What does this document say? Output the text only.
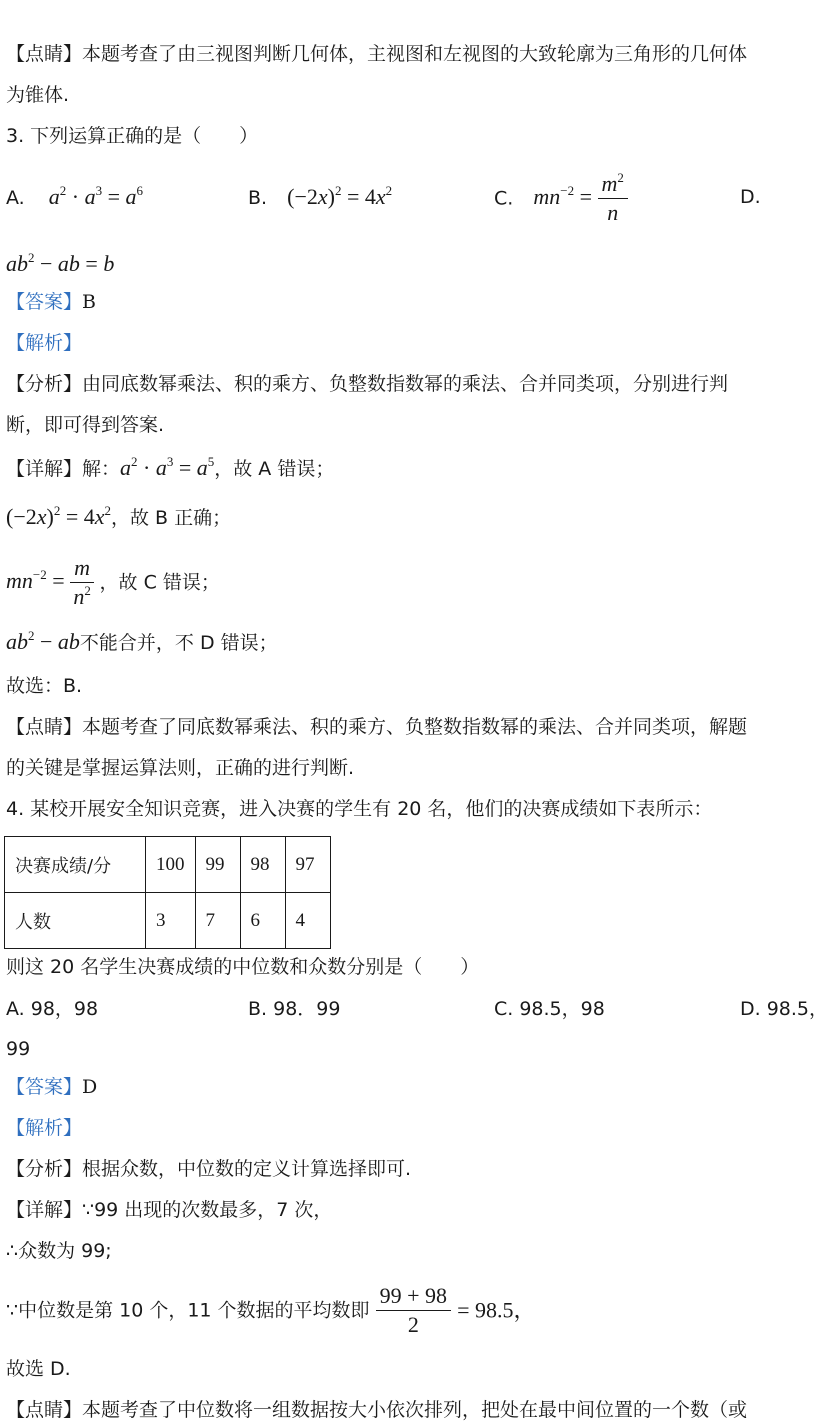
【点睛】本题考查了由三视图判断几何体，主视图和左视图的大致轮廓为三角形的几何体
为锥体.
3. 下列运算正确的是（　　）
A. $a^2 \cdot a^3 = a^6$	B. $(-2x)^2 = 4x^2$	C. $mn^{-2} = \frac{m^2}{n}$	D.
$ab^2$ − ab = b
【答案】B
【解析】
【分析】由同底数幂乘法、积的乘方、负整数指数幂的乘法、合并同类项，分别进行判
断，即可得到答案.
【详解】解：$a^2 \cdot a^3 = a^5$，故 A 错误；
$(-2x)^2 = 4x^2$，故 B 正确；
$mn^{-2} = \frac{m}{n^2}$ ，故 C 错误；
$ab^2$ − ab不能合并，不 D 错误；
故选：B.
【点睛】本题考查了同底数幂乘法、积的乘方、负整数指数幂的乘法、合并同类项，解题
的关键是掌握运算法则，正确的进行判断.
4. 某校开展安全知识竞赛，进入决赛的学生有 20 名，他们的决赛成绩如下表所示：
决赛成绩/分	100	99	98	97
人数	3	7	6	4
则这 20 名学生决赛成绩的中位数和众数分别是（　　）
A. 98，98	B. 98．99	C. 98.5，98	D. 98.5，
99
【答案】D
【解析】
【分析】根据众数，中位数的定义计算选择即可.
【详解】∵99 出现的次数最多，7 次，
∴众数为 99;
∵中位数是第 10 个，11 个数据的平均数即 $\frac{99 + 98}{2} = 98.5$，
故选 D.
【点睛】本题考查了中位数将一组数据按大小依次排列，把处在最中间位置的一个数（或
